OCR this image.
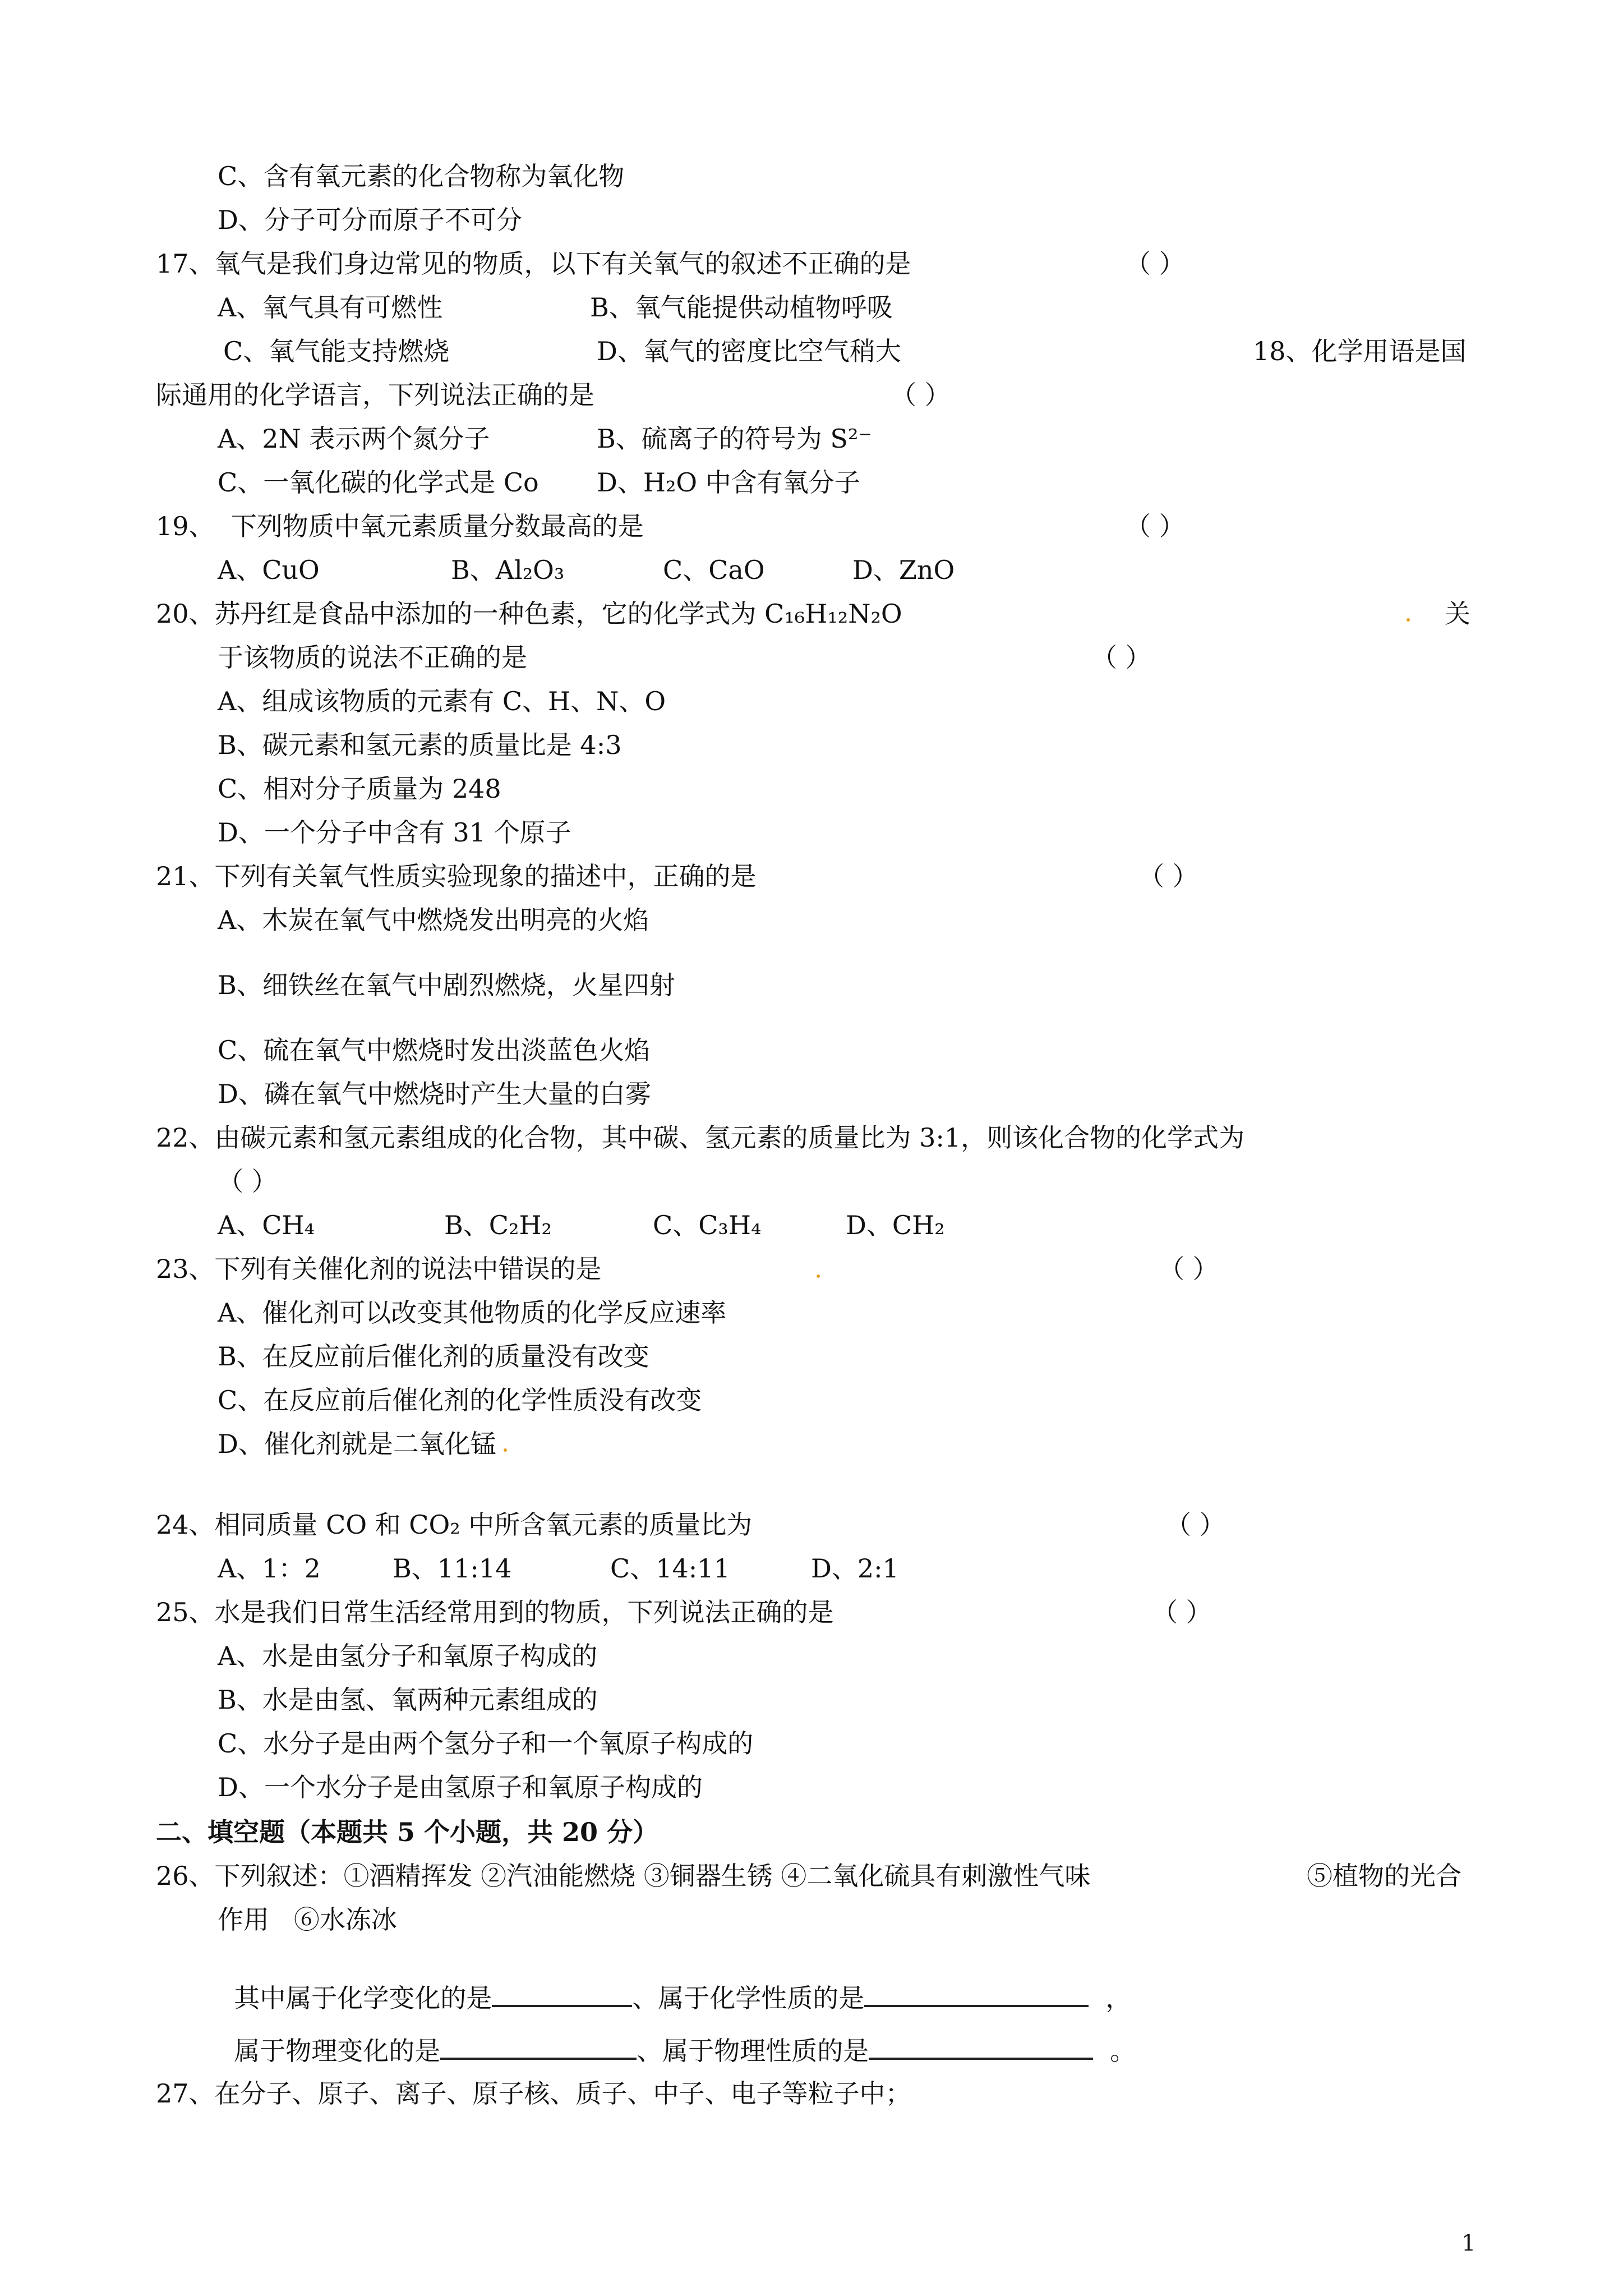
C、含有氧元素的化合物称为氧化物
D、分子可分而原子不可分
17、氧气是我们身边常见的物质，以下有关氧气的叙述不正确的是
A、氧气具有可燃性	B、氧气能提供动植物呼吸
C、氧气能支持燃烧	D、氧气的密度比空气稍大	18、化学用语是国
际通用的化学语言，下列说法正确的是
A、2N 表示两个氮分子	B、硫离子的符号为 S²⁻
C、一氧化碳的化学式是 Co D、H₂O 中含有氧分子
19、  下列物质中氧元素质量分数最高的是
A、CuO	B、Al₂O₃	C、CaO	D、ZnO
20、苏丹红是食品中添加的一种色素，它的化学式为 C₁₆H₁₂N₂O	关
于该物质的说法不正确的是
A、组成该物质的元素有 C、H、N、O
B、碳元素和氢元素的质量比是 4:3
C、相对分子质量为 248
D、一个分子中含有 31 个原子
21、下列有关氧气性质实验现象的描述中，正确的是
A、木炭在氧气中燃烧发出明亮的火焰
B、细铁丝在氧气中剧烈燃烧，火星四射
C、硫在氧气中燃烧时发出淡蓝色火焰
D、磷在氧气中燃烧时产生大量的白雾
22、由碳元素和氢元素组成的化合物，其中碳、氢元素的质量比为 3:1，则该化合物的化学式为
A、CH₄	B、C₂H₂	C、C₃H₄	D、CH₂
23、下列有关催化剂的说法中错误的是
A、催化剂可以改变其他物质的化学反应速率
B、在反应前后催化剂的质量没有改变
C、在反应前后催化剂的化学性质没有改变
D、催化剂就是二氧化锰
24、相同质量 CO 和 CO₂ 中所含氧元素的质量比为
A、1：2	B、11:14	C、14:11	D、2:1
25、水是我们日常生活经常用到的物质，下列说法正确的是
A、水是由氢分子和氧原子构成的
B、水是由氢、氧两种元素组成的
C、水分子是由两个氢分子和一个氧原子构成的
D、一个水分子是由氢原子和氧原子构成的
二、填空题（本题共 5 个小题，共 20 分）
26、下列叙述：①酒精挥发 ②汽油能燃烧 ③铜器生锈 ④二氧化硫具有刺激性气味	⑤植物的光合
作用   ⑥水冻冰
27、在分子、原子、离子、原子核、质子、中子、电子等粒子中；
（ ）
（ ）
（ ）
（ ）
（ ）
（ ）
（ ）
（ ）
（ ）

其中属于化学变化的是	、属于化学性质的是	，

属于物理变化的是	、属于物理性质的是	。

1
